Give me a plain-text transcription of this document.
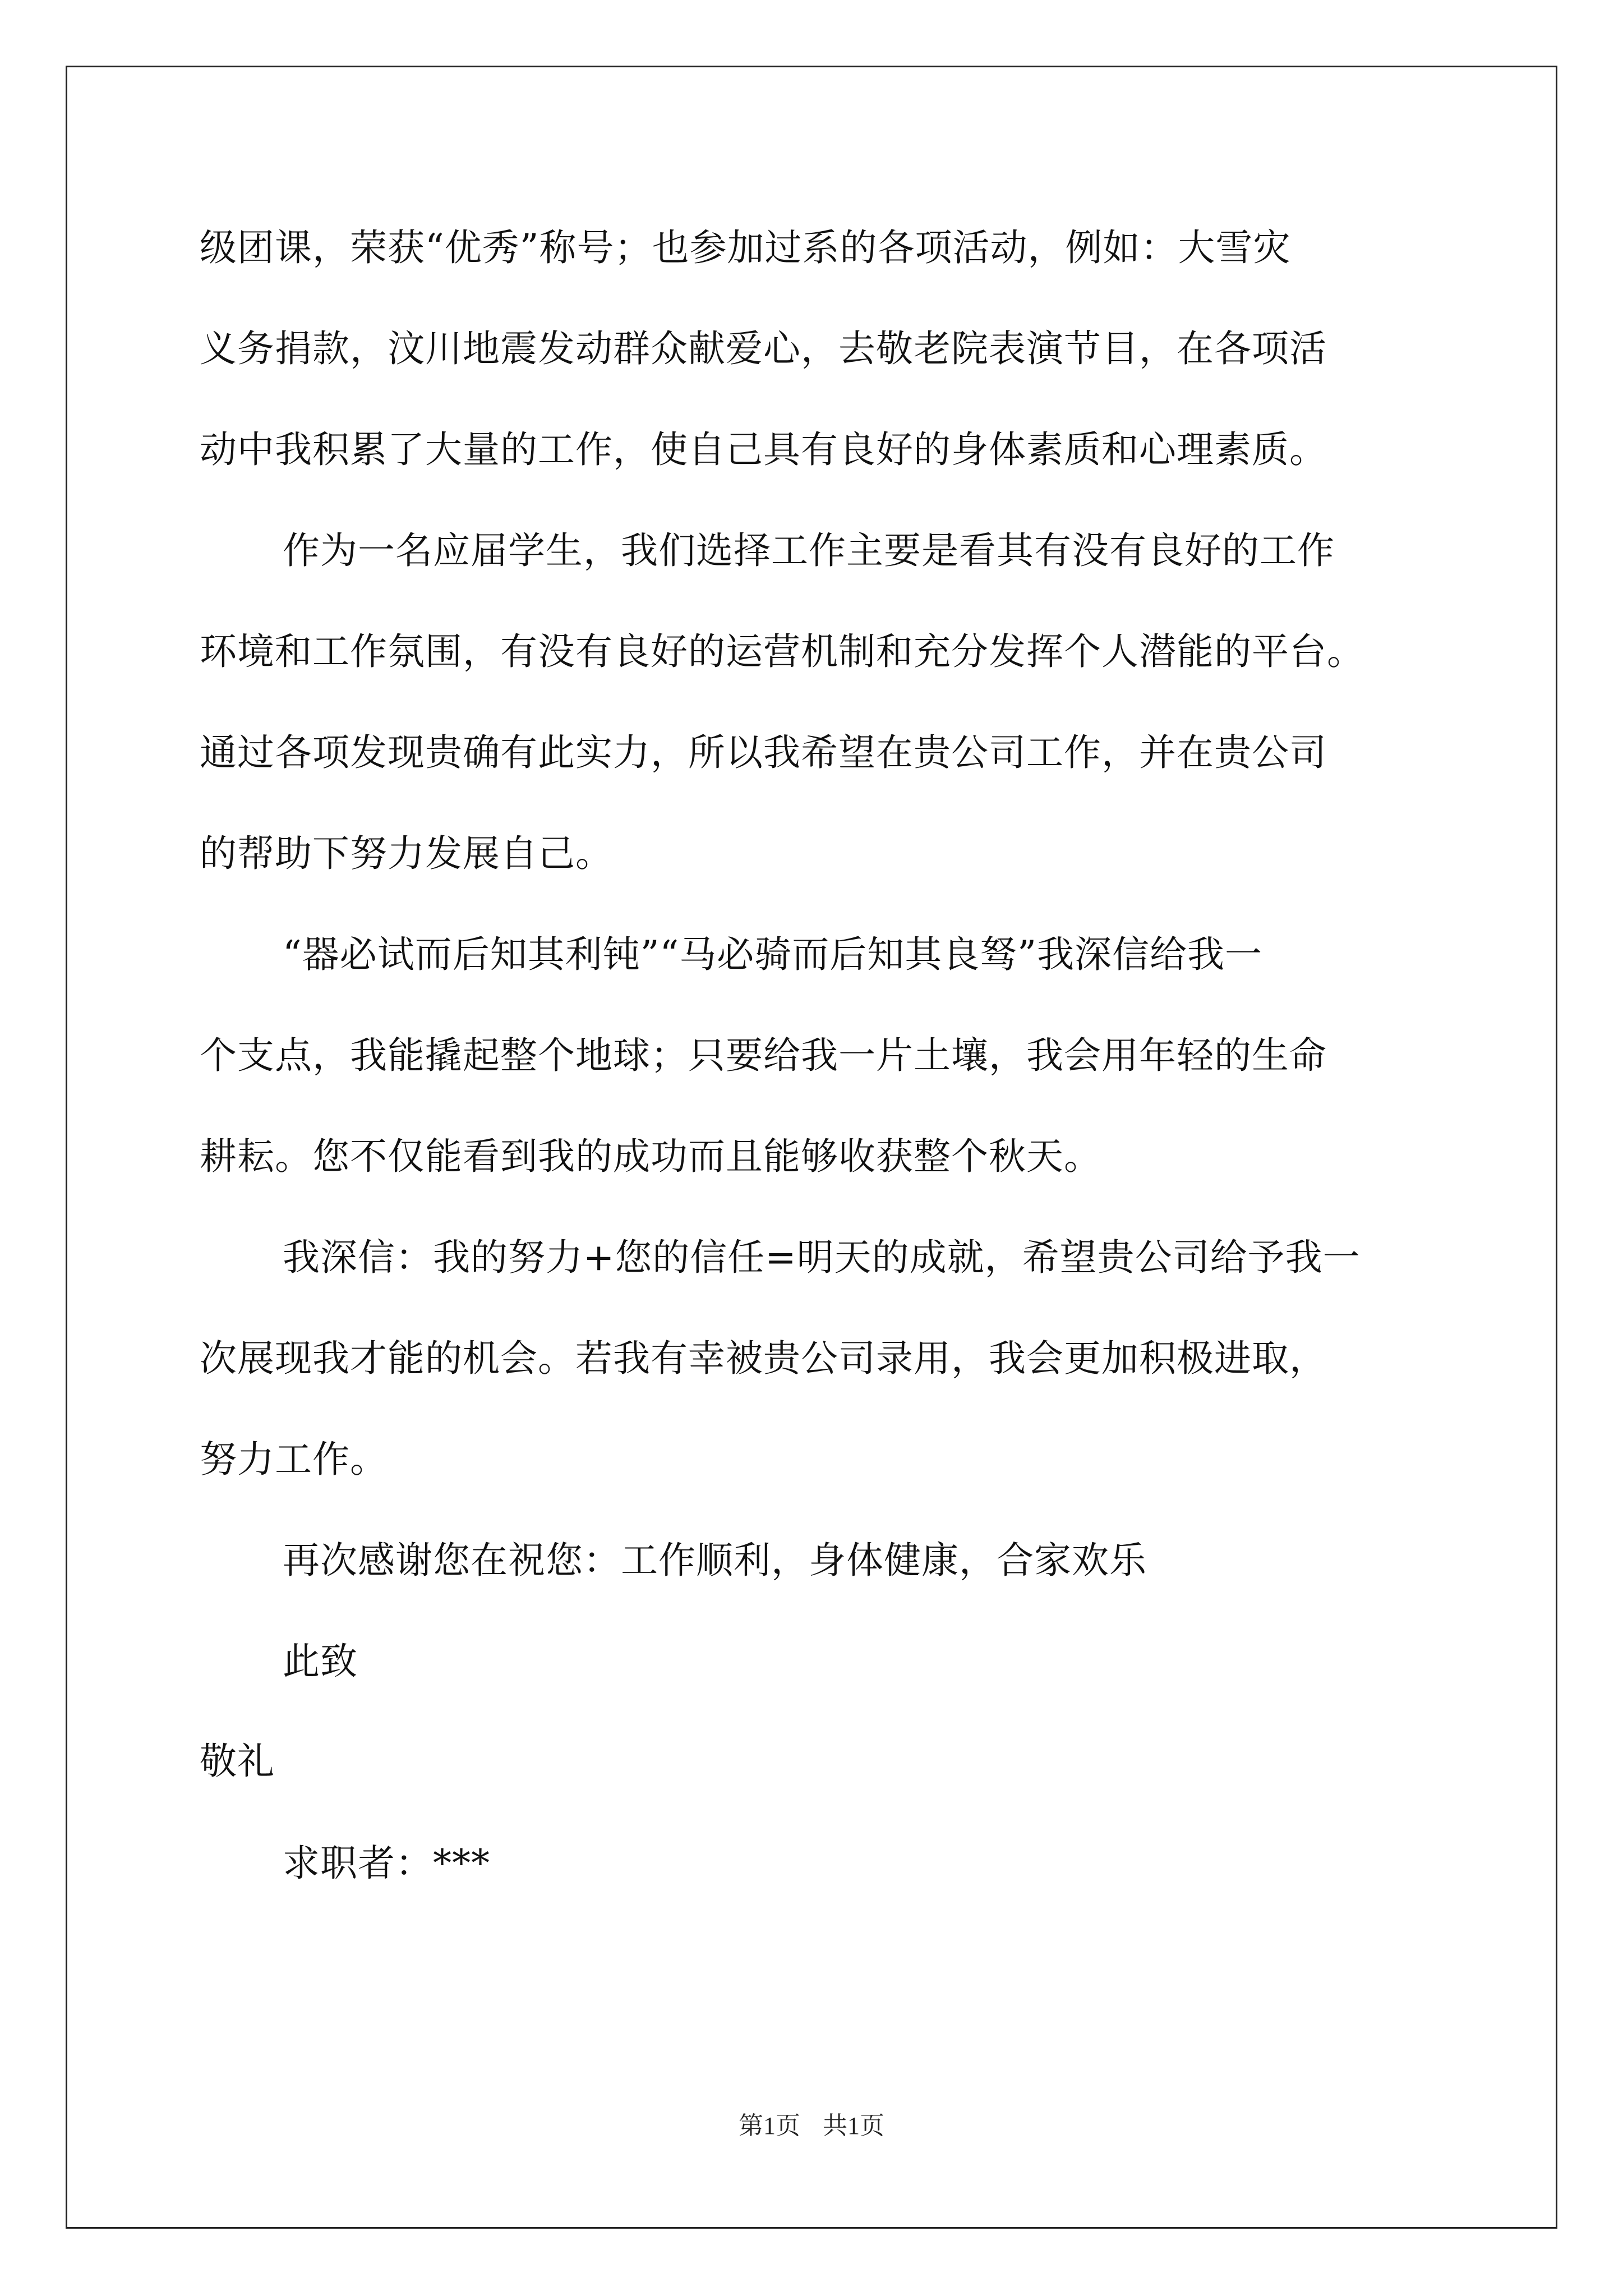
级团课，荣获“优秀”称号；也参加过系的各项活动，例如：大雪灾
义务捐款，汶川地震发动群众献爱心，去敬老院表演节目，在各项活
动中我积累了大量的工作，使自己具有良好的身体素质和心理素质。
作为一名应届学生，我们选择工作主要是看其有没有良好的工作
环境和工作氛围，有没有良好的运营机制和充分发挥个人潜能的平台。
通过各项发现贵确有此实力，所以我希望在贵公司工作，并在贵公司
的帮助下努力发展自己。
“器必试而后知其利钝”“马必骑而后知其良驽”我深信给我一
个支点，我能撬起整个地球；只要给我一片土壤，我会用年轻的生命
耕耘。您不仅能看到我的成功而且能够收获整个秋天。
我深信：我的努力+您的信任=明天的成就，希望贵公司给予我一
次展现我才能的机会。若我有幸被贵公司录用，我会更加积极进取，
努力工作。
再次感谢您在祝您：工作顺利，身体健康，合家欢乐
此致
敬礼
求职者：***
第1页 共1页
